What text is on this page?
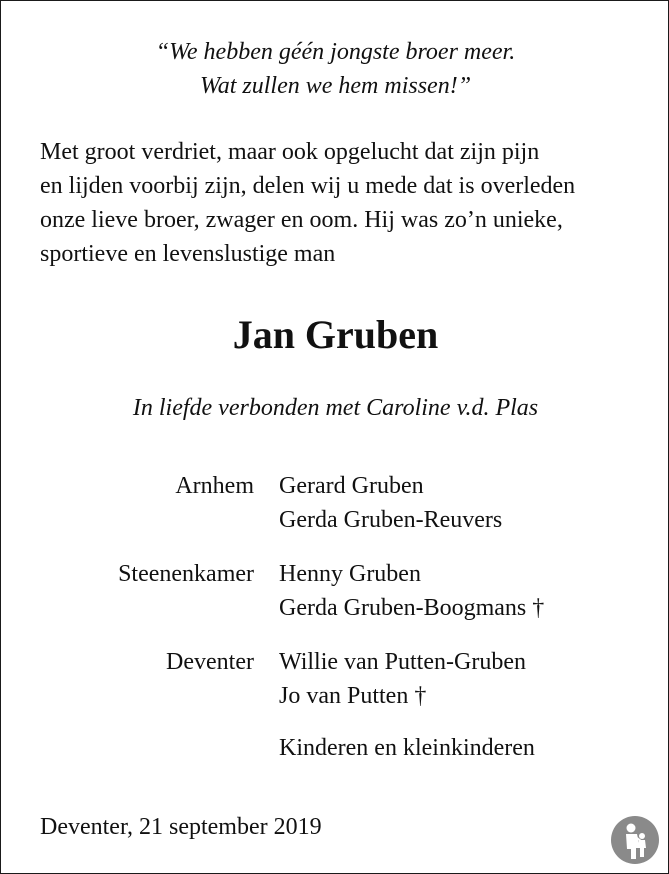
“We hebben géén jongste broer meer.
Wat zullen we hem missen!”
Met groot verdriet, maar ook opgelucht dat zijn pijn
en lijden voorbij zijn, delen wij u mede dat is overleden
onze lieve broer, zwager en oom. Hij was zo’n unieke,
sportieve en levenslustige man
Jan Gruben
In liefde verbonden met Caroline v.d. Plas
Arnhem Gerard Gruben
Gerda Gruben-Reuvers
Steenenkamer Henny Gruben
Gerda Gruben-Boogmans †
Deventer Willie van Putten-Gruben
Jo van Putten †
Kinderen en kleinkinderen
Deventer, 21 september 2019
